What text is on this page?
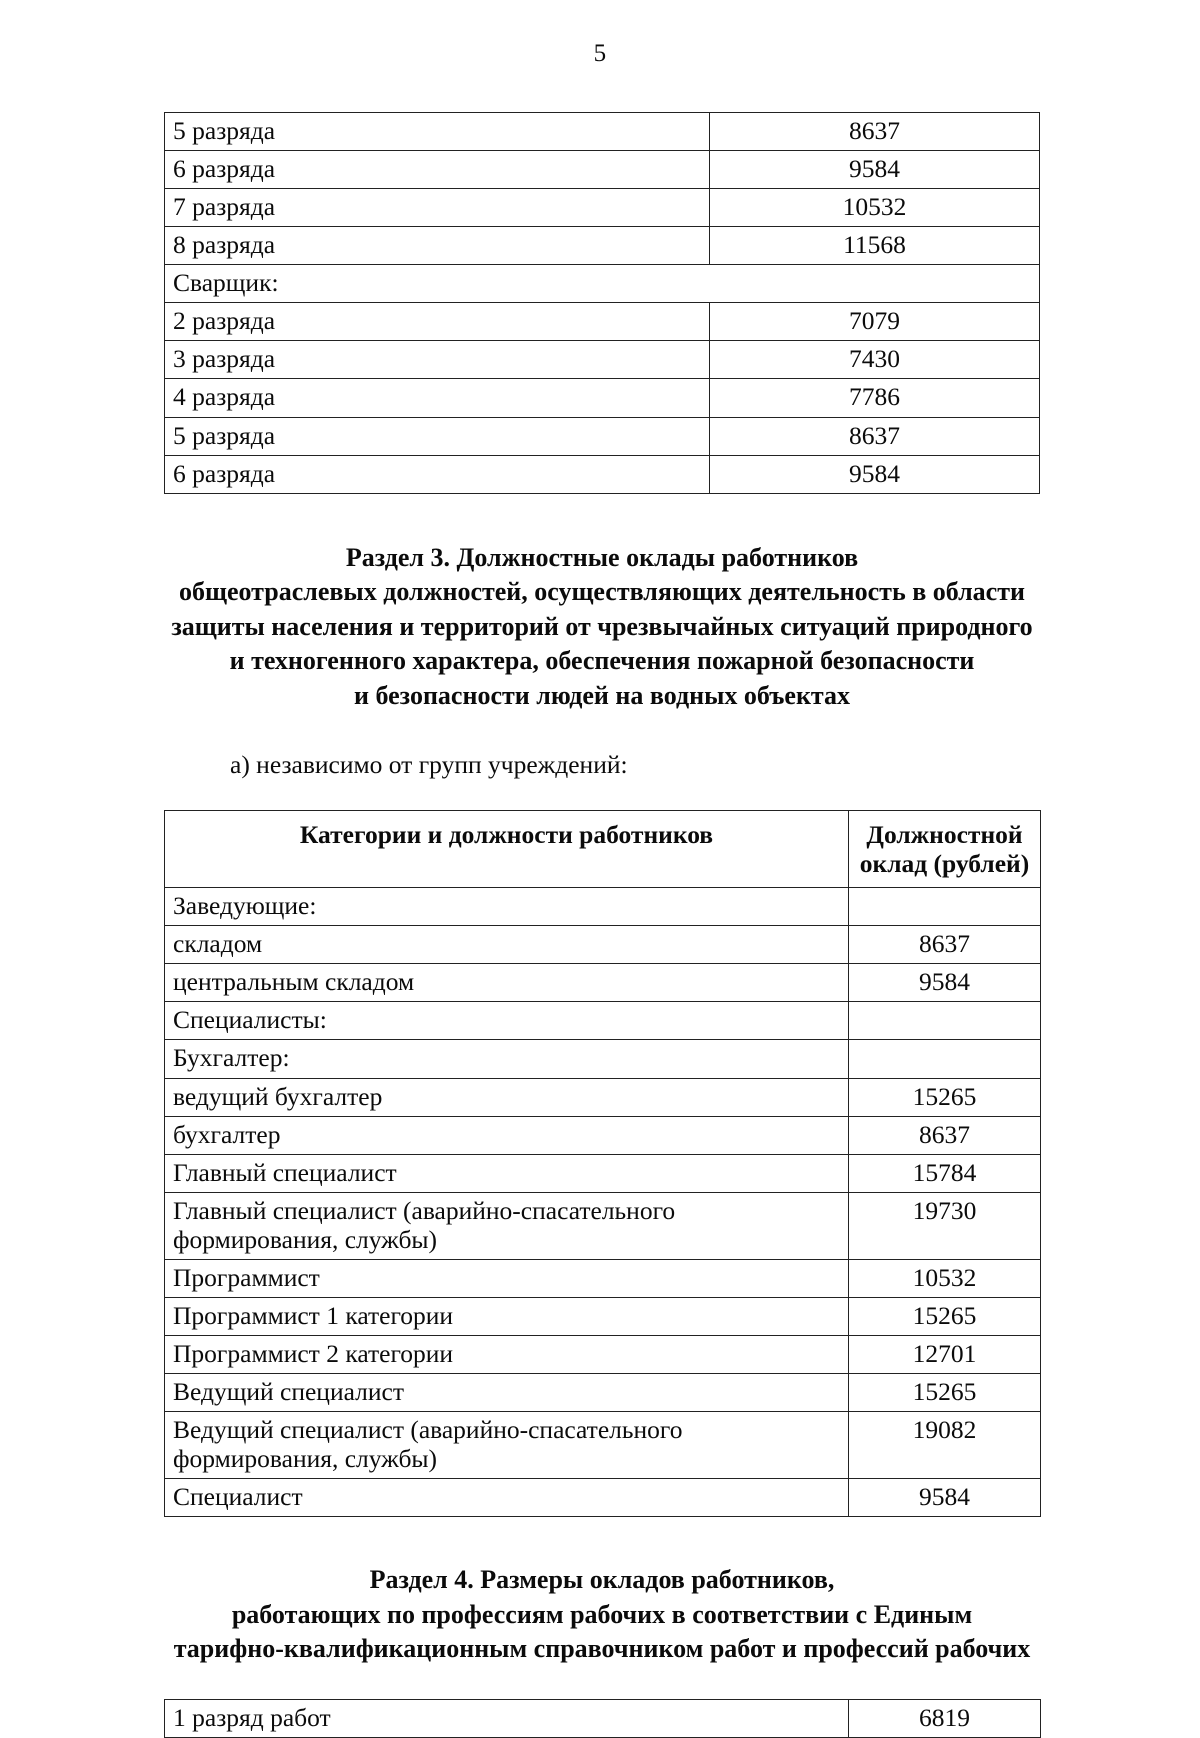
5
5 разряда	8637
6 разряда	9584
7 разряда	10532
8 разряда	11568
Сварщик:	
2 разряда	7079
3 разряда	7430
4 разряда	7786
5 разряда	8637
6 разряда	9584
Раздел 3. Должностные оклады работников
общеотраслевых должностей, осуществляющих деятельность в области
защиты населения и территорий от чрезвычайных ситуаций природного
и техногенного характера, обеспечения пожарной безопасности
и безопасности людей на водных объектах
а) независимо от групп учреждений:
Категории и должности работников	Должностной
оклад (рублей)

Заведующие:	
складом	8637
центральным складом	9584
Специалисты:	
Бухгалтер:	
ведущий бухгалтер	15265
бухгалтер	8637
Главный специалист	15784
Главный специалист (аварийно-спасательного формирования, службы)	19730
Программист	10532
Программист 1 категории	15265
Программист 2 категории	12701
Ведущий специалист	15265
Ведущий специалист (аварийно-спасательного формирования, службы)	19082
Специалист	9584
Раздел 4. Размеры окладов работников,
работающих по профессиям рабочих в соответствии с Единым
тарифно-квалификационным справочником работ и профессий рабочих
1 разряд работ	6819
